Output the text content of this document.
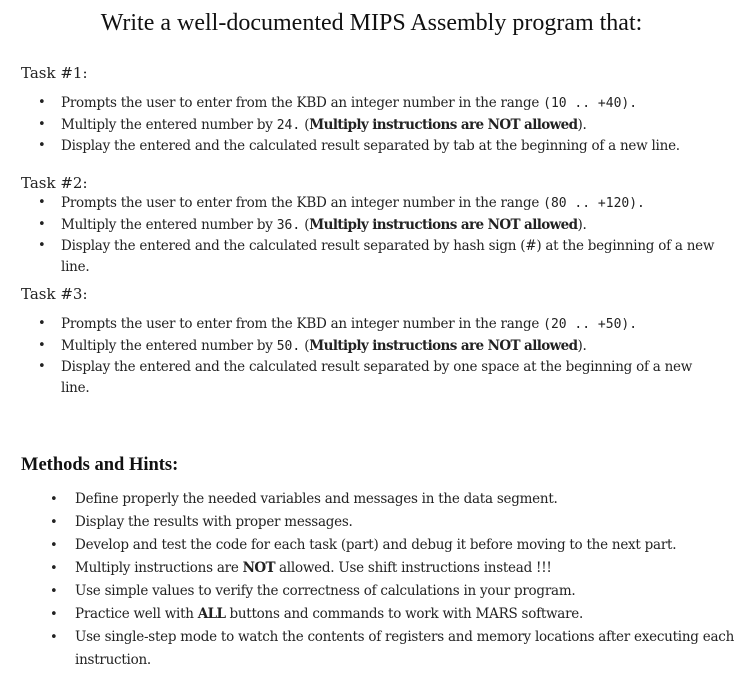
Write a well-documented MIPS Assembly program that:
Task #1:
• Prompts the user to enter from the KBD an integer number in the range (10 .. +40).
• Multiply the entered number by 24. (Multiply instructions are NOT allowed).
• Display the entered and the calculated result separated by tab at the beginning of a new line.
Task #2:
• Prompts the user to enter from the KBD an integer number in the range (80 .. +120).
• Multiply the entered number by 36. (Multiply instructions are NOT allowed).
• Display the entered and the calculated result separated by hash sign (#) at the beginning of a new line.
Task #3:
• Prompts the user to enter from the KBD an integer number in the range (20 .. +50).
• Multiply the entered number by 50. (Multiply instructions are NOT allowed).
• Display the entered and the calculated result separated by one space at the beginning of a new line.
Methods and Hints:
• Define properly the needed variables and messages in the data segment.
• Display the results with proper messages.
• Develop and test the code for each task (part) and debug it before moving to the next part.
• Multiply instructions are NOT allowed. Use shift instructions instead !!!
• Use simple values to verify the correctness of calculations in your program.
• Practice well with ALL buttons and commands to work with MARS software.
• Use single-step mode to watch the contents of registers and memory locations after executing each instruction.
